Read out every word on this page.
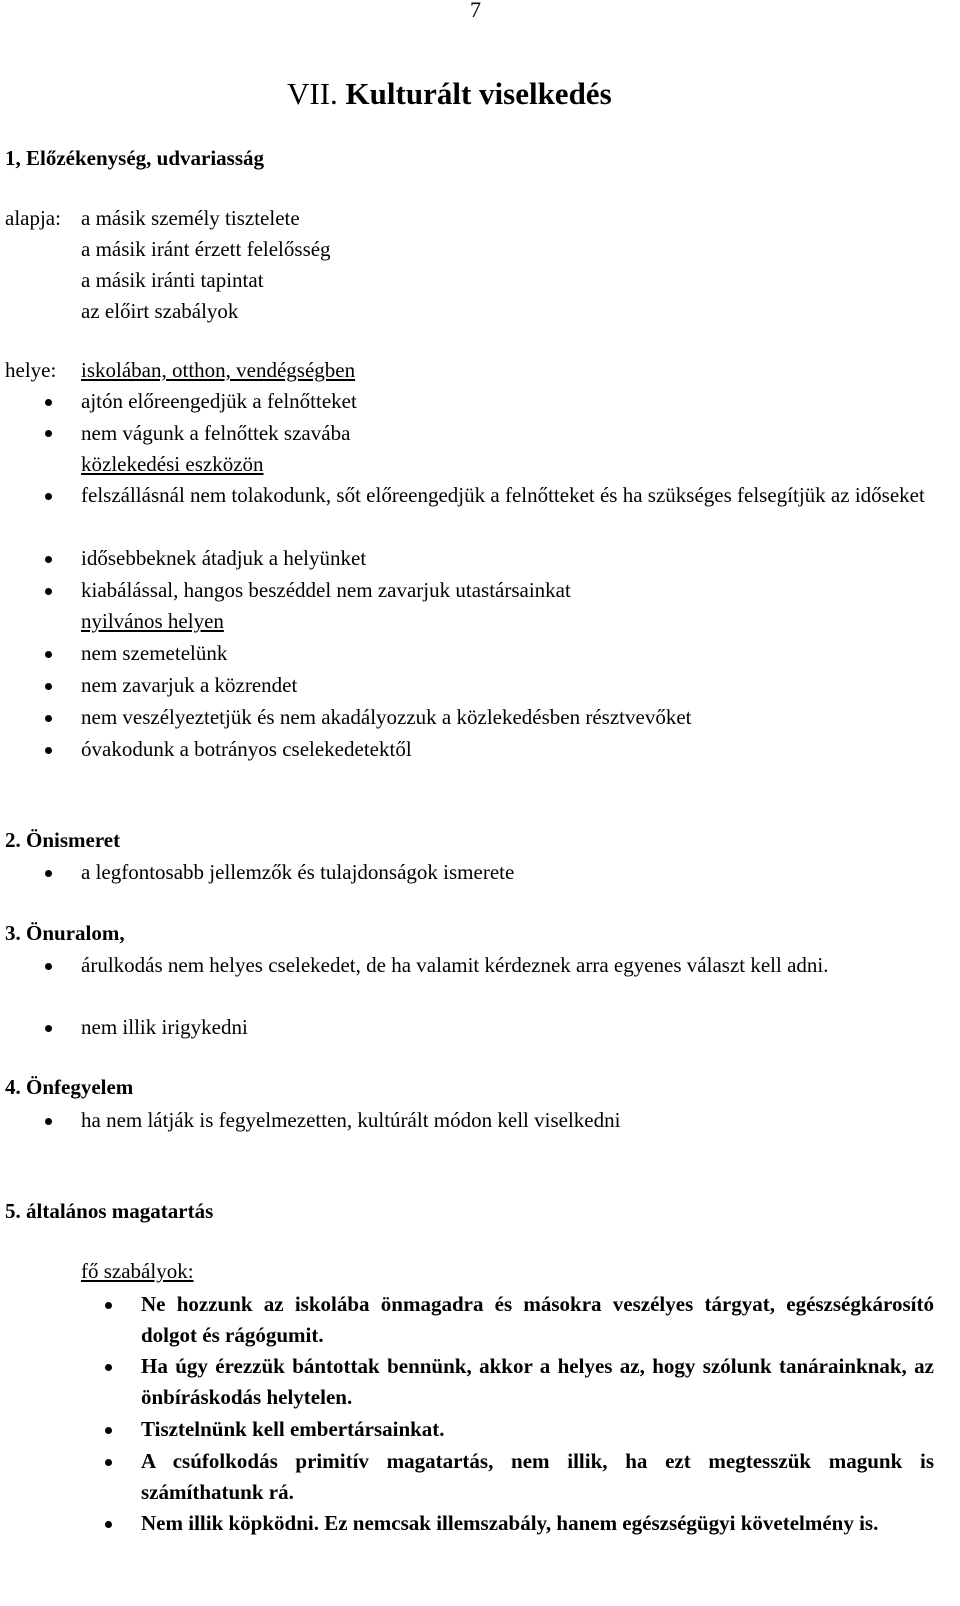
7
VII. Kulturált viselkedés
1, Előzékenység, udvariasság
alapja: a másik személy tisztelete
a másik iránt érzett felelősség
a másik iránti tapintat
az előirt szabályok
helye: iskolában, otthon, vendégségben
ajtón előreengedjük a felnőtteket
nem vágunk a felnőttek szavába
közlekedési eszközön
felszállásnál nem tolakodunk, sőt előreengedjük a felnőtteket és ha szükséges felsegítjük az időseket
idősebbeknek átadjuk a helyünket
kiabálással, hangos beszéddel nem zavarjuk utastársainkat
nyilvános helyen
nem szemetelünk
nem zavarjuk a közrendet
nem veszélyeztetjük és nem akadályozzuk a közlekedésben résztvevőket
óvakodunk a botrányos cselekedetektől
2. Önismeret
a legfontosabb jellemzők és tulajdonságok ismerete
3. Önuralom,
árulkodás nem helyes cselekedet, de ha valamit kérdeznek arra egyenes választ kell adni.
nem illik irigykedni
4. Önfegyelem
ha nem látják is fegyelmezetten, kultúrált módon kell viselkedni
5. általános magatartás
fő szabályok:
Ne hozzunk az iskolába önmagadra és másokra veszélyes tárgyat, egészségkárosító dolgot és rágógumit.
Ha úgy érezzük bántottak bennünk, akkor a helyes az, hogy szólunk tanárainknak, az önbíráskodás helytelen.
Tisztelnünk kell embertársainkat.
A csúfolkodás primitív magatartás, nem illik, ha ezt megtesszük magunk is számíthatunk rá.
Nem illik köpködni. Ez nemcsak illemszabály, hanem egészségügyi követelmény is.
